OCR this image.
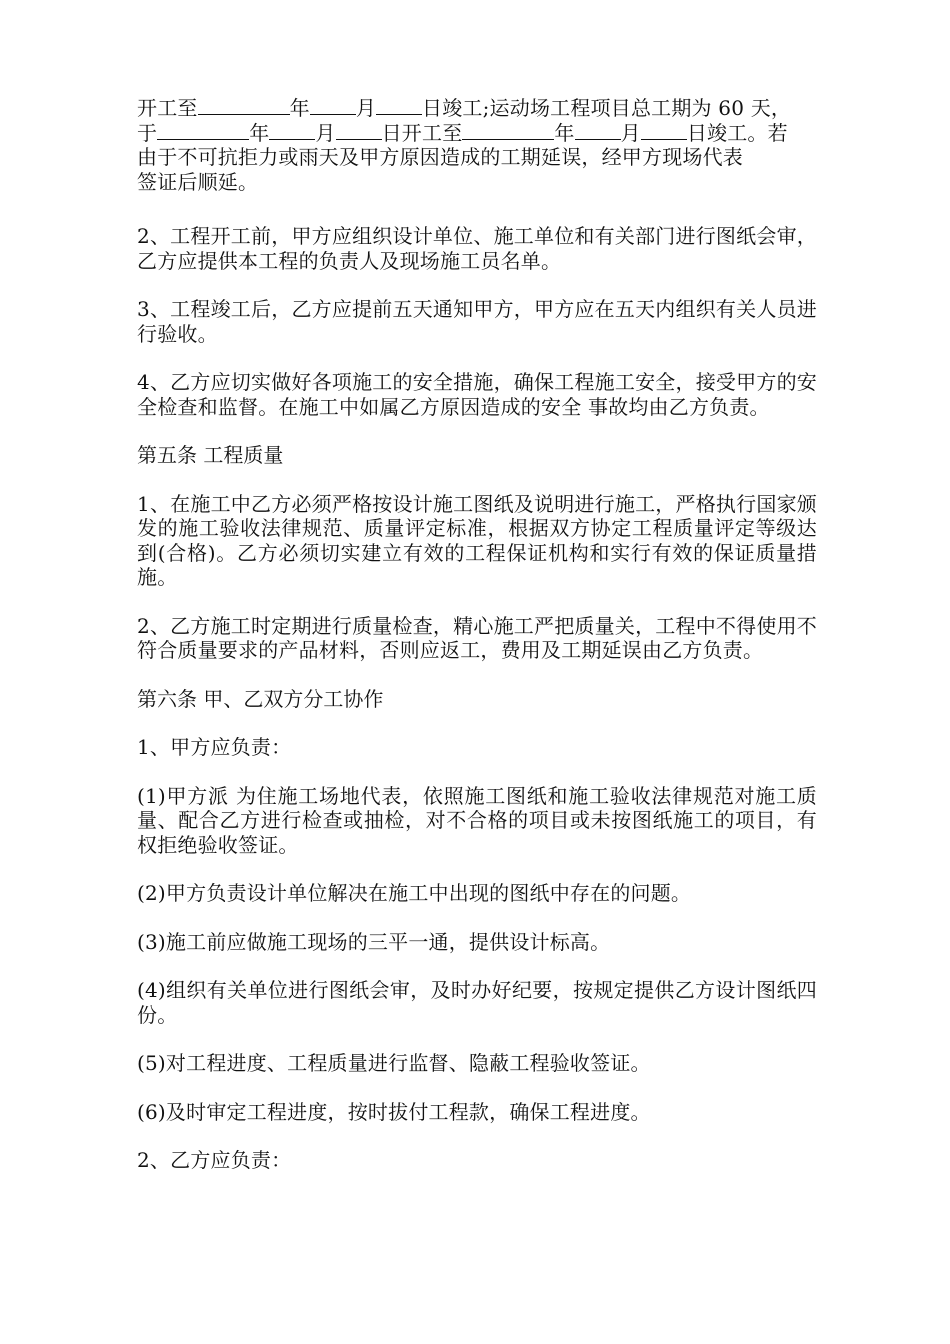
开工至	年 月 日竣工;运动场工程项目总工期为 60 天，
于	年 月 日开工至	年 月 日竣工。若
由于不可抗拒力或雨天及甲方原因造成的工期延误，经甲方现场代表
签证后顺延。

2、工程开工前，甲方应组织设计单位、施工单位和有关部门进行图纸会审，乙方应提供本工程的负责人及现场施工员名单。

3、工程竣工后，乙方应提前五天通知甲方，甲方应在五天内组织有关人员进行验收。

4、乙方应切实做好各项施工的安全措施，确保工程施工安全，接受甲方的安全检查和监督。在施工中如属乙方原因造成的安全 事故均由乙方负责。

第五条 工程质量

1、在施工中乙方必须严格按设计施工图纸及说明进行施工，严格执行国家颁发的施工验收法律规范、质量评定标准，根据双方协定工程质量评定等级达到(合格)。乙方必须切实建立有效的工程保证机构和实行有效的保证质量措施。

2、乙方施工时定期进行质量检查，精心施工严把质量关，工程中不得使用不符合质量要求的产品材料，否则应返工，费用及工期延误由乙方负责。

第六条 甲、乙双方分工协作

1、甲方应负责：

(1)甲方派 为住施工场地代表，依照施工图纸和施工验收法律规范对施工质量、配合乙方进行检查或抽检，对不合格的项目或未按图纸施工的项目，有权拒绝验收签证。

(2)甲方负责设计单位解决在施工中出现的图纸中存在的问题。

(3)施工前应做施工现场的三平一通，提供设计标高。

(4)组织有关单位进行图纸会审，及时办好纪要，按规定提供乙方设计图纸四份。

(5)对工程进度、工程质量进行监督、隐蔽工程验收签证。

(6)及时审定工程进度，按时拔付工程款，确保工程进度。

2、乙方应负责：
